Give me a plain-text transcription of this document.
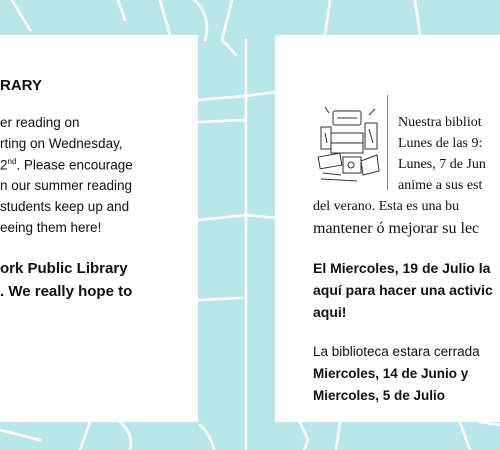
RARY
er reading on
rting on Wednesday,
2nd. Please encourage
n our summer reading
students keep up and
eeing them here!
ork Public Library
. We really hope to
Nuestra bibliot
Lunes de las 9:
Lunes, 7 de Jun
anime a sus est
del verano. Esta es una bu
mantener ó mejorar su lec
El Miercoles, 19 de Julio la
aquí para hacer una activic
aqui!
La biblioteca estara cerrada
Miercoles, 14 de Junio y
Miercoles, 5 de Julio
